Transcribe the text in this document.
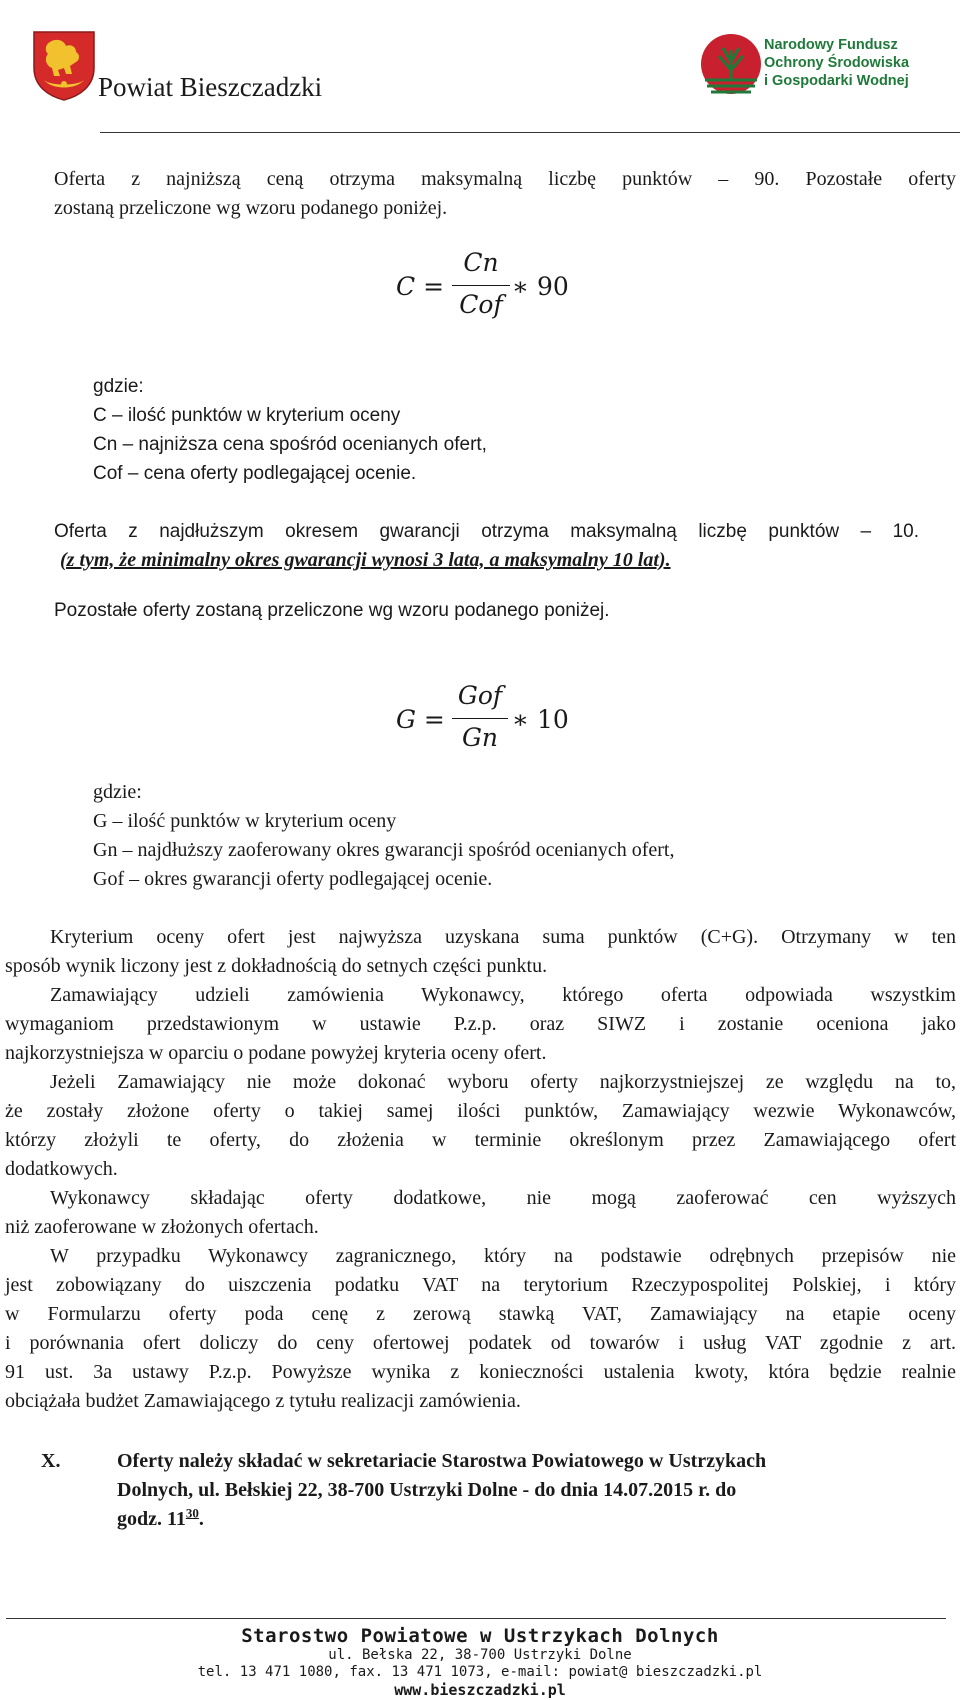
Powiat Bieszczadzki
Narodowy Fundusz
Ochrony Środowiska
i Gospodarki Wodnej
Oferta z najniższą ceną otrzyma maksymalną liczbę punktów – 90. Pozostałe oferty
zostaną przeliczone wg wzoru podanego poniżej.
C =
Cn
Cof
∗ 90
gdzie:
C – ilość punktów w kryterium oceny
Cn – najniższa cena spośród ocenianych ofert,
Cof – cena oferty podlegającej ocenie.
Oferta z najdłuższym okresem gwarancji otrzyma maksymalną liczbę punktów – 10.
(z tym, że minimalny okres gwarancji wynosi 3 lata, a maksymalny 10 lat).
Pozostałe oferty zostaną przeliczone wg wzoru podanego poniżej.
G =
Gof
Gn
∗ 10
gdzie:
G – ilość punktów w kryterium oceny
Gn – najdłuższy zaoferowany okres gwarancji spośród ocenianych ofert,
Gof – okres gwarancji oferty podlegającej ocenie.
Kryterium oceny ofert jest najwyższa uzyskana suma punktów (C+G). Otrzymany w ten
sposób wynik liczony jest z dokładnością do setnych części punktu.
Zamawiający udzieli zamówienia Wykonawcy, którego oferta odpowiada wszystkim
wymaganiom przedstawionym w ustawie P.z.p. oraz SIWZ i zostanie oceniona jako
najkorzystniejsza w oparciu o podane powyżej kryteria oceny ofert.
Jeżeli Zamawiający nie może dokonać wyboru oferty najkorzystniejszej ze względu na to,
że zostały złożone oferty o takiej samej ilości punktów, Zamawiający wezwie Wykonawców,
którzy złożyli te oferty, do złożenia w terminie określonym przez Zamawiającego ofert
dodatkowych.
Wykonawcy składając oferty dodatkowe, nie mogą zaoferować cen wyższych
niż zaoferowane w złożonych ofertach.
W przypadku Wykonawcy zagranicznego, który na podstawie odrębnych przepisów nie
jest zobowiązany do uiszczenia podatku VAT na terytorium Rzeczypospolitej Polskiej, i który
w Formularzu oferty poda cenę z zerową stawką VAT, Zamawiający na etapie oceny
i porównania ofert doliczy do ceny ofertowej podatek od towarów i usług VAT zgodnie z art.
91 ust. 3a ustawy P.z.p. Powyższe wynika z konieczności ustalenia kwoty, która będzie realnie
obciążała budżet Zamawiającego z tytułu realizacji zamówienia.
X.	Oferty należy składać w sekretariacie Starostwa Powiatowego w Ustrzykach
Dolnych, ul. Bełskiej 22, 38-700 Ustrzyki Dolne - do dnia 14.07.2015 r. do
godz. $11^{30}$.
Starostwo Powiatowe w Ustrzykach Dolnych
ul. Bełska 22, 38-700 Ustrzyki Dolne
tel. 13 471 1080, fax. 13 471 1073, e-mail: powiat@ bieszczadzki.pl
www.bieszczadzki.pl
